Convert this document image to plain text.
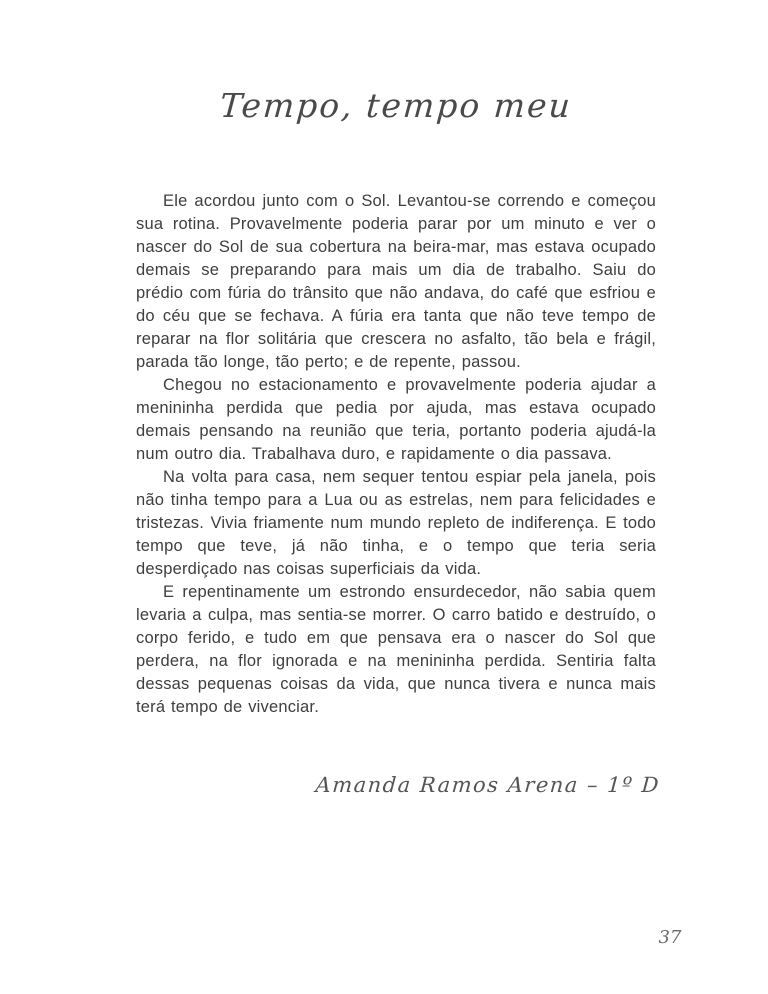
Tempo, tempo meu

Ele acordou junto com o Sol. Levantou-se correndo e começou sua rotina. Provavelmente poderia parar por um minuto e ver o nascer do Sol de sua cobertura na beira-mar, mas estava ocupado demais se preparando para mais um dia de trabalho. Saiu do prédio com fúria do trânsito que não andava, do café que esfriou e do céu que se fechava. A fúria era tanta que não teve tempo de reparar na flor solitária que crescera no asfalto, tão bela e frágil, parada tão longe, tão perto; e de repente, passou.

Chegou no estacionamento e provavelmente poderia ajudar a menininha perdida que pedia por ajuda, mas estava ocupado demais pensando na reunião que teria, portanto poderia ajudá-la num outro dia. Trabalhava duro, e rapidamente o dia passava.

Na volta para casa, nem sequer tentou espiar pela janela, pois não tinha tempo para a Lua ou as estrelas, nem para felicidades e tristezas. Vivia friamente num mundo repleto de indiferença. E todo tempo que teve, já não tinha, e o tempo que teria seria desperdiçado nas coisas superficiais da vida.

E repentinamente um estrondo ensurdecedor, não sabia quem levaria a culpa, mas sentia-se morrer. O carro batido e destruído, o corpo ferido, e tudo em que pensava era o nascer do Sol que perdera, na flor ignorada e na menininha perdida. Sentiria falta dessas pequenas coisas da vida, que nunca tivera e nunca mais terá tempo de vivenciar.

Amanda Ramos Arena – 1º D
37
